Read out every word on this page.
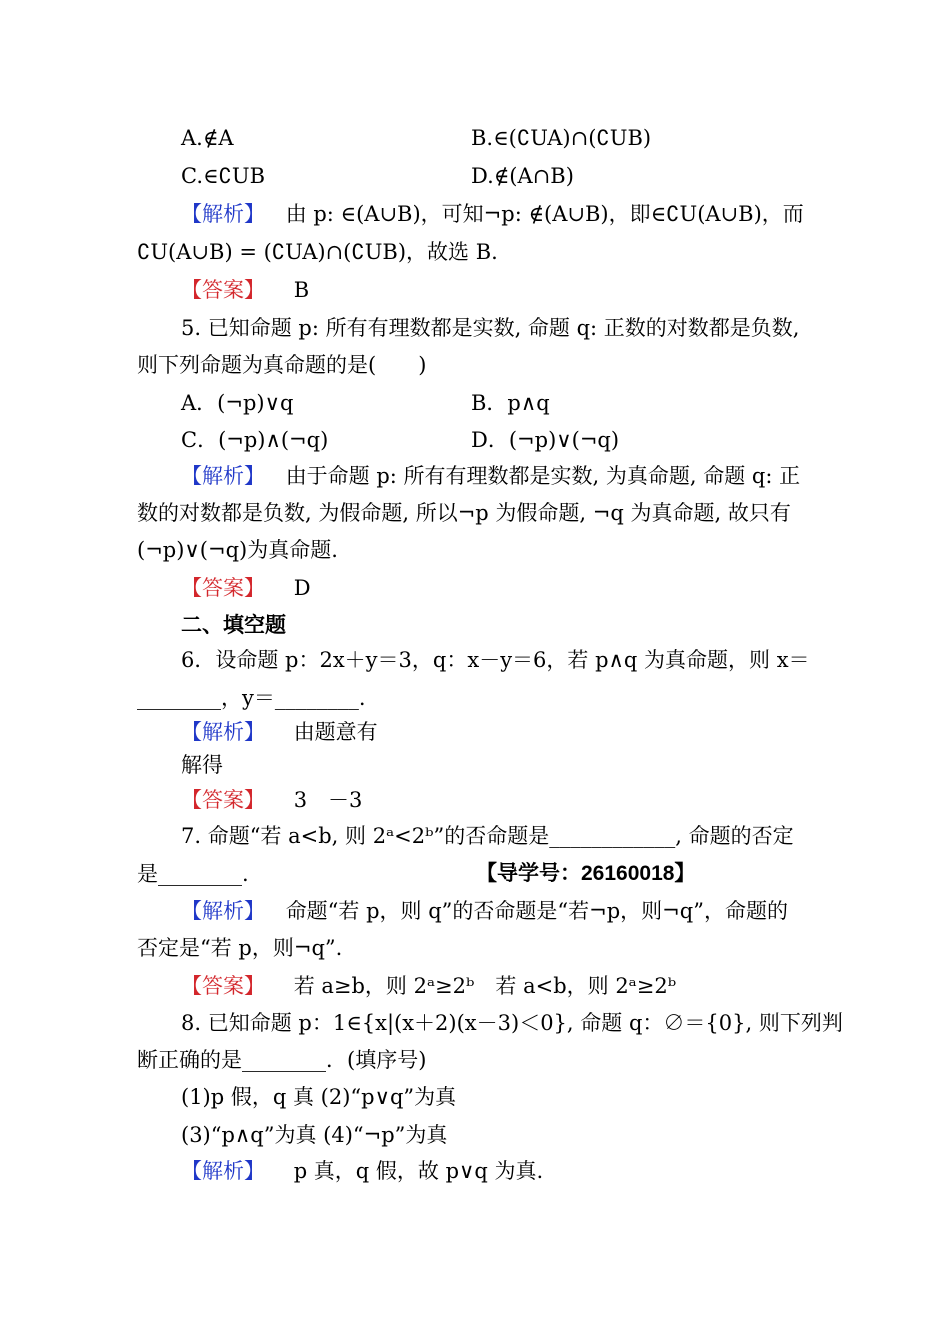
A.∉A	B.∈(∁UA)∩(∁UB)
C.∈∁UB	D.∉(A∩B)
【解析】 由 p: ∈(A∪B)，可知¬p: ∉(A∪B)，即∈∁U(A∪B)，而
∁U(A∪B) = (∁UA)∩(∁UB)，故选 B.
【答案】 B
5. 已知命题 p: 所有有理数都是实数, 命题 q: 正数的对数都是负数,
则下列命题为真命题的是(　　)
A．(¬p)∨q	B．p∧q
C．(¬p)∧(¬q)	D．(¬p)∨(¬q)
【解析】 由于命题 p: 所有有理数都是实数, 为真命题, 命题 q: 正
数的对数都是负数, 为假命题, 所以¬p 为假命题, ¬q 为真命题, 故只有
(¬p)∨(¬q)为真命题.
【答案】 D
二、填空题
6．设命题 p：2x＋y＝3，q：x－y＝6，若 p∧q 为真命题，则 x＝
________，y＝________.
【解析】 由题意有
解得
【答案】 3　－3
7. 命题“若 a<b, 则 2ᵃ<2ᵇ”的否命题是____________, 命题的否定
是________.	【导学号：26160018】
【解析】 命题“若 p，则 q”的否命题是“若¬p，则¬q”，命题的
否定是“若 p，则¬q”.
【答案】 若 a≥b，则 2ᵃ≥2ᵇ　若 a<b，则 2ᵃ≥2ᵇ
8. 已知命题 p：1∈{x|(x＋2)(x－3)＜0}, 命题 q：∅＝{0}, 则下列判
断正确的是________．(填序号)
(1)p 假，q 真 (2)“p∨q”为真
(3)“p∧q”为真 (4)“¬p”为真
【解析】 p 真，q 假，故 p∨q 为真.
